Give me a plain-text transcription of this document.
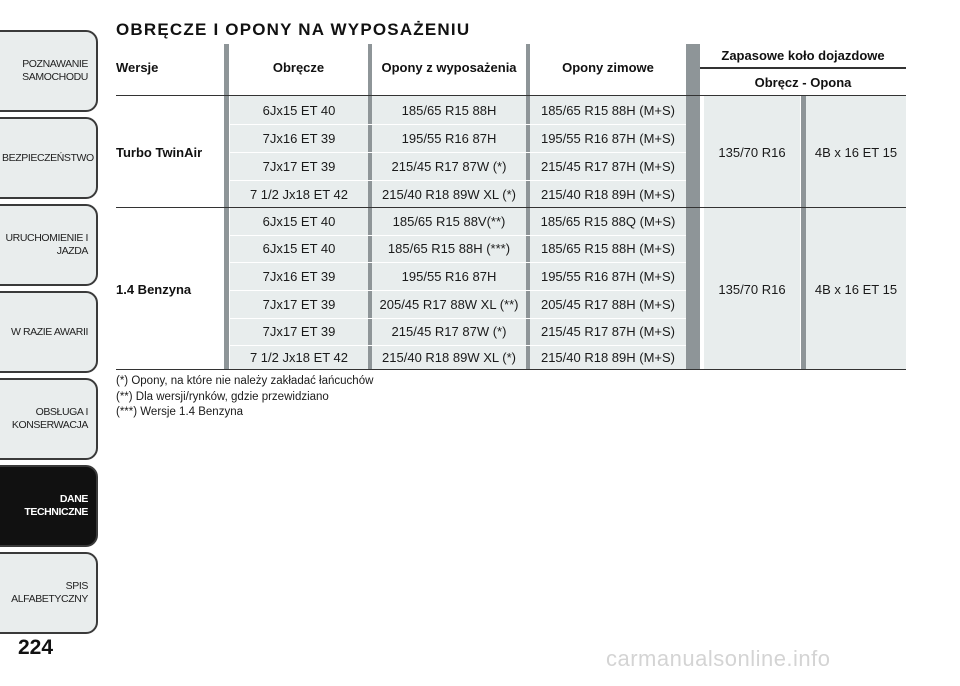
POZNAWANIE SAMOCHODU
BEZPIECZEŃSTWO
URUCHOMIENIE I JAZDA
W RAZIE AWARII
OBSŁUGA I KONSERWACJA
DANE TECHNICZNE
SPIS ALFABETYCZNY
224
OBRĘCZE I OPONY NA WYPOSAŻENIU
Wersje	Obręcze	Opony z wyposażenia	Opony zimowe
Zapasowe koło dojazdowe
Obręcz - Opona
Turbo TwinAir
6Jx15 ET 40	185/65 R15 88H	185/65 R15 88H (M+S)
7Jx16 ET 39	195/55 R16 87H	195/55 R16 87H (M+S)
7Jx17 ET 39	215/45 R17 87W (*)	215/45 R17 87H (M+S)
7 1/2 Jx18 ET 42	215/40 R18 89W XL (*)	215/40 R18 89H (M+S)
135/70 R16	4B x 16 ET 15
1.4 Benzyna
6Jx15 ET 40	185/65 R15 88V(**)	185/65 R15 88Q (M+S)
6Jx15 ET 40	185/65 R15 88H (***)	185/65 R15 88H (M+S)
7Jx16 ET 39	195/55 R16 87H	195/55 R16 87H (M+S)
7Jx17 ET 39	205/45 R17 88W XL (**)	205/45 R17 88H (M+S)
7Jx17 ET 39	215/45 R17 87W (*)	215/45 R17 87H (M+S)
7 1/2 Jx18 ET 42	215/40 R18 89W XL (*)	215/40 R18 89H (M+S)
135/70 R16	4B x 16 ET 15
(*) Opony, na które nie należy zakładać łańcuchów
(**) Dla wersji/rynków, gdzie przewidziano
(***) Wersje 1.4 Benzyna
carmanualsonline.info
